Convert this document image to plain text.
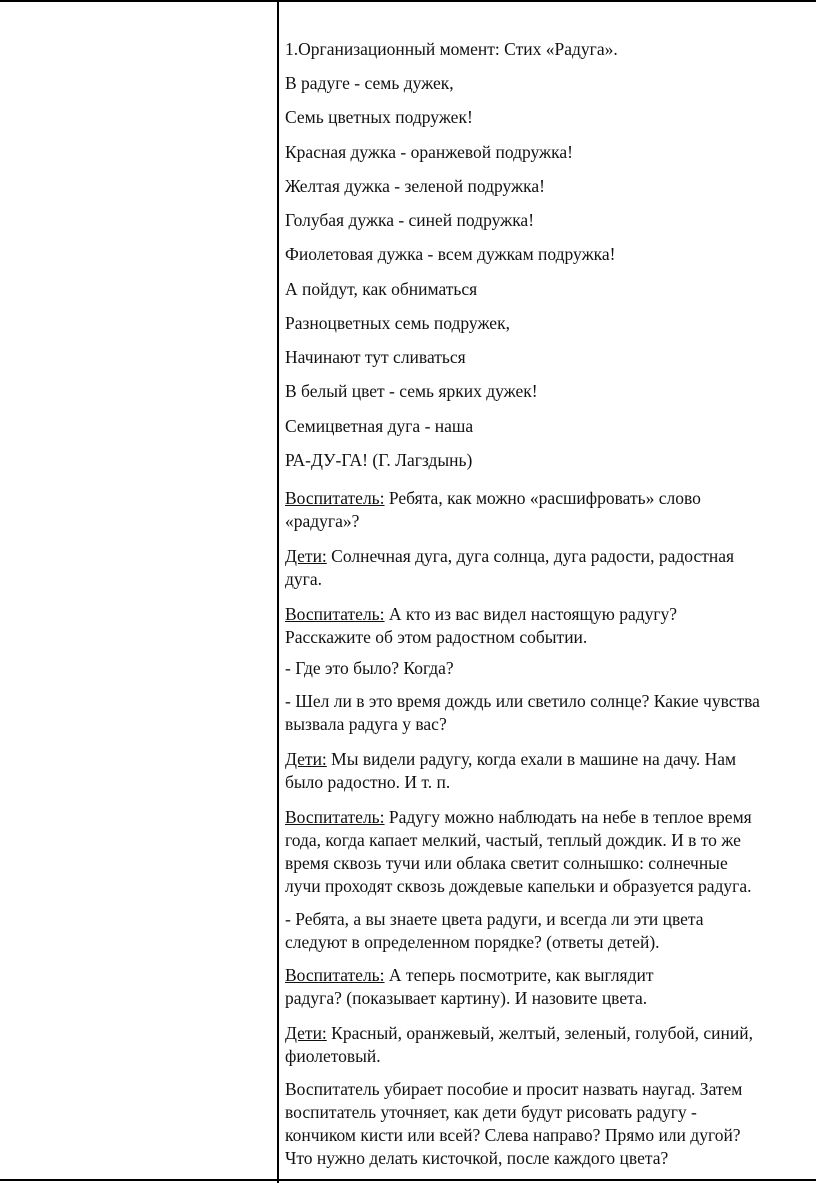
1.Организационный момент: Стих «Радуга».
В радуге - семь дужек,
Семь цветных подружек!
Красная дужка - оранжевой подружка!
Желтая дужка - зеленой подружка!
Голубая дужка - синей подружка!
Фиолетовая дужка - всем дужкам подружка!
А пойдут, как обниматься
Разноцветных семь подружек,
Начинают тут сливаться
В белый цвет - семь ярких дужек!
Семицветная дуга - наша
РА-ДУ-ГА! (Г. Лагздынь)
Воспитатель: Ребята, как можно «расшифровать» слово
«радуга»?
Дети: Солнечная дуга, дуга солнца, дуга радости, радостная
дуга.
Воспитатель: А кто из вас видел настоящую радугу?
Расскажите об этом радостном событии.
- Где это было? Когда?
- Шел ли в это время дождь или светило солнце? Какие чувства
вызвала радуга у вас?
Дети: Мы видели радугу, когда ехали в машине на дачу. Нам
было радостно. И т. п.
Воспитатель: Радугу можно наблюдать на небе в теплое время
года, когда капает мелкий, частый, теплый дождик. И в то же
время сквозь тучи или облака светит солнышко: солнечные
лучи проходят сквозь дождевые капельки и образуется радуга.
- Ребята, а вы знаете цвета радуги, и всегда ли эти цвета
следуют в определенном порядке? (ответы детей).
Воспитатель: А теперь посмотрите, как выглядит
радуга? (показывает картину). И назовите цвета.
Дети: Красный, оранжевый, желтый, зеленый, голубой, синий,
фиолетовый.
Воспитатель убирает пособие и просит назвать наугад. Затем
воспитатель уточняет, как дети будут рисовать радугу -
кончиком кисти или всей? Слева направо? Прямо или дугой?
Что нужно делать кисточкой, после каждого цвета?
